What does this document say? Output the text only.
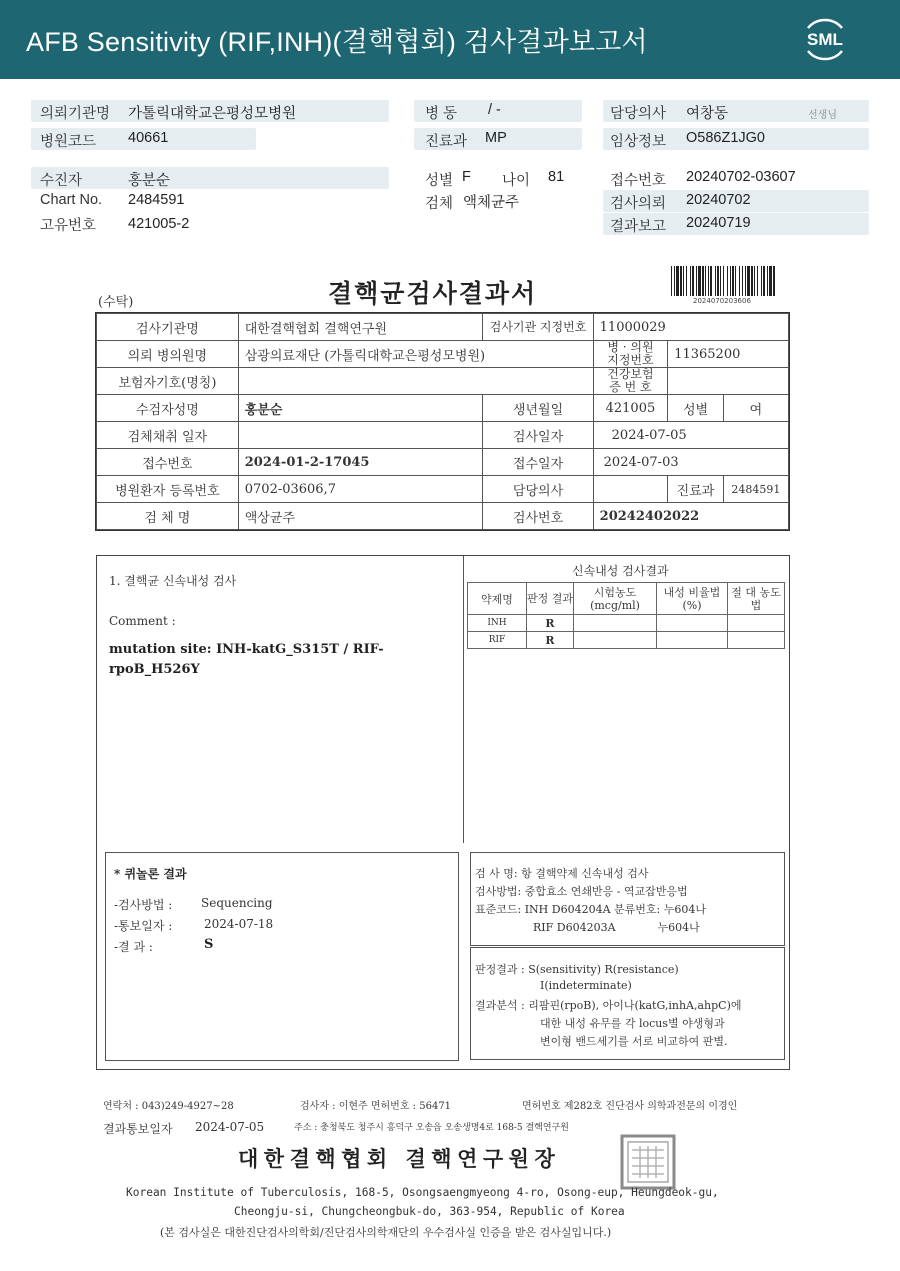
AFB Sensitivity (RIF,INH)(결핵협회) 검사결과보고서	SML
의뢰기관명 가톨릭대학교은평성모병원
병원코드 40661
병 동 / -
진료과 MP
담당의사 여창동	선생님
임상정보 O586Z1JG0
수진자	홍분순
Chart No. 2484591
고유번호 421005-2
성별 F 나이 81
검체 액체균주
접수번호 20240702-03607
검사의뢰 20240702
결과보고 20240719
(수탁)	결핵균검사결과서	2024070203606
검사기관명	대한결핵협회 결핵연구원	검사기관 지정번호	11000029		
의뢰 병의원명	삼광의료재단 (가톨릭대학교은평성모병원)		병 · 의원 지정번호	11365200	
보험자기호(명칭)			건강보험 증 번 호		
수검자성명	홍분순	생년월일	421005	성별	여
검체채취 일자		검사일자	2024-07-05		
접수번호	2024-01-2-17045	접수일자	2024-07-03		
병원환자 등록번호	0702-03606,7	담당의사		진료과	2484591
검 체 명	액상균주	검사번호	20242402022		
1. 결핵균 신속내성 검사
Comment :
mutation site: INH-katG_S315T / RIF-rpoB_H526Y
신속내성 검사결과
약제명	판정 결과	시험농도 (mcg/ml)	내성 비율법(%)	절 대 농도법
INH	R			
RIF	R			
* 퀴놀론 결과
-검사방법 : Sequencing
-통보일자 :	2024-07-18
-결 과 :	S
검 사 명: 항 결핵약제 신속내성 검사
검사방법: 중합효소 연쇄반응 - 역교잡반응법
표준코드: INH D604204A 분류번호: 누604나
RIF D604203A            누604나
판정결과 : S(sensitivity) R(resistance)
I(indeterminate)
결과분석 : 리팜핀(rpoB), 아이나(katG,inhA,ahpC)에
대한 내성 유무를 각 locus별 야생형과
변이형 밴드세기를 서로 비교하여 판별.
연락처 : 043)249-4927~28	검사자 : 이현주 면허번호 : 56471	면허번호 제282호 진단검사 의학과전문의 이경인
결과통보일자 2024-07-05	주소 : 충청북도 청주시 흥덕구 오송읍 오송생명4로 168-5 결핵연구원
대한결핵협회 결핵연구원장
Korean Institute of Tuberculosis, 168-5, Osongsaengmyeong 4-ro, Osong-eup, Heungdeok-gu,
Cheongju-si, Chungcheongbuk-do, 363-954, Republic of Korea
(본 검사실은 대한진단검사의학회/진단검사의학재단의 우수검사실 인증을 받은 검사실입니다.)
